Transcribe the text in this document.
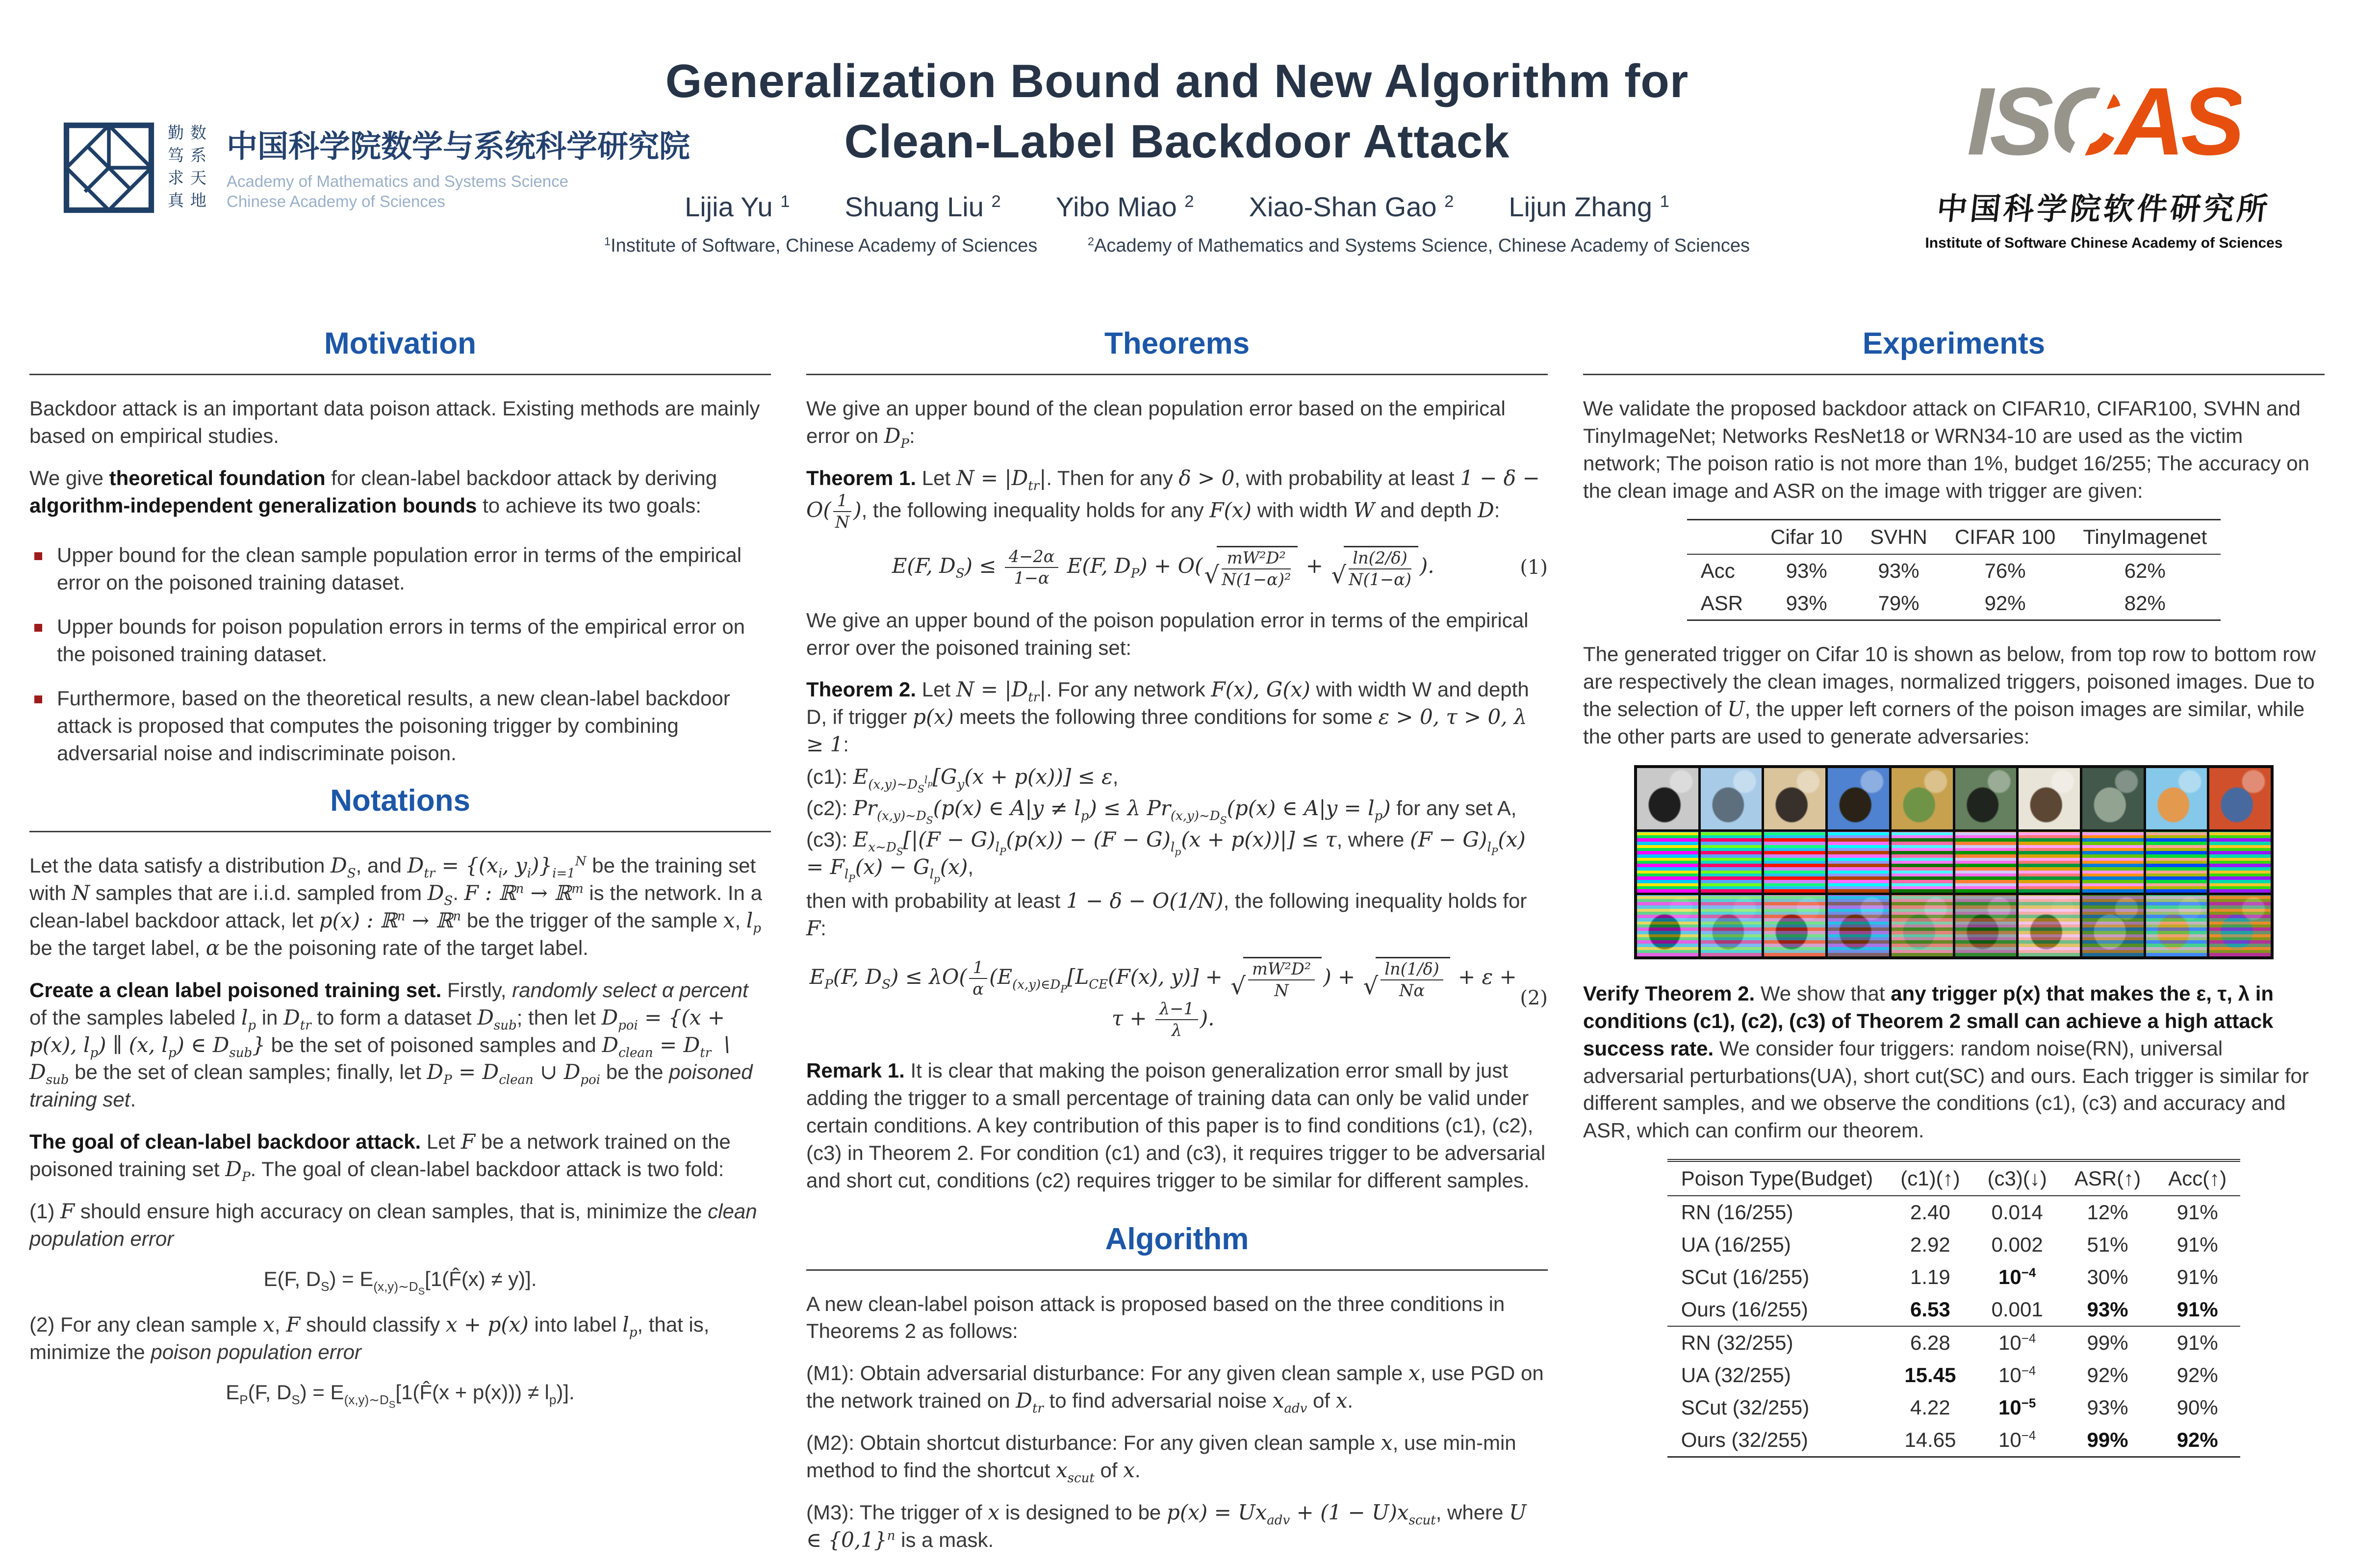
勤笃求真
数系天地
中国科学院数学与系统科学研究院
Academy of Mathematics and Systems Science
Chinese Academy of Sciences
Generalization Bound and New Algorithm for
Clean-Label Backdoor Attack
Lijia Yu $^1$  Shuang Liu $^2$  Yibo Miao $^2$  Xiao-Shan Gao $^2$  Lijun Zhang $^1$
$^1$Institute of Software, Chinese Academy of Sciences	$^2$Academy of Mathematics and Systems Science, Chinese Academy of Sciences
ISCAS
中国科学院软件研究所
Institute of Software Chinese Academy of Sciences
Motivation

Backdoor attack is an important data poison attack. Existing methods are mainly based on empirical studies.

We give theoretical foundation for clean-label backdoor attack by deriving algorithm-independent generalization bounds to achieve its two goals:

Upper bound for the clean sample population error in terms of the empirical error on the poisoned training dataset.
Upper bounds for poison population errors in terms of the empirical error on the poisoned training dataset.
Furthermore, based on the theoretical results, a new clean-label backdoor attack is proposed that computes the poisoning trigger by combining adversarial noise and indiscriminate poison.
Notations

Let the data satisfy a distribution $D_S$, and $D_{tr} = \{(x_i$, $y_i)\}_{i=1}^N$ be the training set with N samples that are i.i.d. sampled from $D_S$. F : ℝ$^n$ → ℝ$^m$ is the network. In a clean-label backdoor attack, let p(x) : ℝ$^n$ → ℝ$^n$ be the trigger of the sample x, $l_p$ be the target label, α be the poisoning rate of the target label.

Create a clean label poisoned training set. Firstly, randomly select α percent of the samples labeled $l_p$ in $D_{tr}$ to form a dataset $D_{sub}$; then let $D_{poi} = \{(x + p(x)$, $l_p$) ∥ (x, $l_p$) ∈ $D_{sub}$} be the set of poisoned samples and $D_{clean} = D_{tr}$ ∖ $D_{sub}$ be the set of clean samples; finally, let $D_P = D_{clean}$ ∪ $D_{poi}$ be the poisoned training set.

The goal of clean-label backdoor attack. Let F be a network trained on the poisoned training set $D_P$. The goal of clean-label backdoor attack is two fold:

(1) F should ensure high accuracy on clean samples, that is, minimize the clean population error

E(F, $D_S$) = $E_{(x,y)\sim D_S}[1(F̂(x) \ne y)]$.

(2) For any clean sample x, F should classify x + p(x) into label $l_p$, that is, minimize the poison population error

$E_P(F$, $D_S$) = $E_{(x,y)\sim D_S}[1(F̂(x + p(x))) \ne l_p)$].
Theorems

We give an upper bound of the clean population error based on the empirical error on $D_P$:

Theorem 1. Let $N = |D_{tr}|$. Then for any δ > 0, with probability at least $1 - \delta - O( \frac{1}{N}$ ), the following inequality holds for any F(x) with width W and depth D:

E(F, $D_S) \le \frac{4-2\alpha}{1-\alpha} E(F$, $D_P) + O$( √ $\frac{\text{mW²D²}}{\text{N(1−α)²}}$ + √ $\frac{\ln(2/\delta)}{N(1-\alpha)}$ ).	(1)

We give an upper bound of the poison population error in terms of the empirical error over the poisoned training set:

Theorem 2. Let $N = |D_{tr}|$. For any network F(x), G(x) with width W and depth D, if trigger p(x) meets the following three conditions for some ε > 0, τ > 0, λ ≥ 1:

(c1): $E_{(x,y)\sim D_S^{l_p}}[G_y(x + p(x))] \le \varepsilon$,
(c2): $Pr_{(x,y)\sim D_S}(p(x)$ ∈ $A|y \ne l_p) \le \lambda$ $Pr_{(x,y)\sim D_S}(p(x)$ ∈ $A|y = l_p$) for any set A,
(c3): $E_{x\sim D_S}[|(F - G)_{l_P}(p(x)) - (F - G)_{l_p}(x + p(x))|] \le \tau$, where $(F - G)_{l_P}(x) = F_{l_P}(x) - G_{l_p}(x)$,

then with probability at least 1 − δ − O(1/N), the following inequality holds for F:

$E_P(F$, $D_S) \le \lambda O( \frac{1}{\alpha} (E_{(x,y)\in D_P}[L_{CE}(F(x)$, y)] + √ $\frac{\text{mW²D²}}{N}$ ) + √ $\frac{\ln(1/\delta)}{N\alpha} + \varepsilon + \tau + \frac{\lambda-1}{\lambda}$ ).
(2)

Remark 1. It is clear that making the poison generalization error small by just adding the trigger to a small percentage of training data can only be valid under certain conditions. A key contribution of this paper is to find conditions (c1), (c2), (c3) in Theorem 2. For condition (c1) and (c3), it requires trigger to be adversarial and short cut, conditions (c2) requires trigger to be similar for different samples.

Algorithm

A new clean-label poison attack is proposed based on the three conditions in Theorems 2 as follows:

(M1): Obtain adversarial disturbance: For any given clean sample x, use PGD on the network trained on $D_{tr}$ to find adversarial noise $x_{adv}$ of x.

(M2): Obtain shortcut disturbance: For any given clean sample x, use min-min method to find the shortcut $x_{scut}$ of x.

(M3): The trigger of x is designed to be $p(x) = Ux_{adv} + (1 - U)x_{scut}$, where U ∈ $\{0,1\}^n$ is a mask.

Experiments

We validate the proposed backdoor attack on CIFAR10, CIFAR100, SVHN and TinyImageNet; Networks ResNet18 or WRN34-10 are used as the victim network; The poison ratio is not more than 1%, budget 16/255; The accuracy on the clean image and ASR on the image with trigger are given:

	Cifar 10	SVHN	CIFAR 100	TinyImagenet
Acc	93%	93%	76%	62%
ASR	93%	79%	92%	82%

The generated trigger on Cifar 10 is shown as below, from top row to bottom row are respectively the clean images, normalized triggers, poisoned images. Due to the selection of U, the upper left corners of the poison images are similar, while the other parts are used to generate adversaries:

Verify Theorem 2. We show that any trigger p(x) that makes the ε, τ, λ in conditions (c1), (c2), (c3) of Theorem 2 small can achieve a high attack success rate. We consider four triggers: random noise(RN), universal adversarial perturbations(UA), short cut(SC) and ours. Each trigger is similar for different samples, and we observe the conditions (c1), (c3) and accuracy and ASR, which can confirm our theorem.

Poison Type(Budget)	(c1)(↑)	(c3)(↓)	ASR(↑)	Acc(↑)
RN (16/255)	2.40	0.014	12%	91%
UA (16/255)	2.92	0.002	51%	91%
SCut (16/255)	1.19	$10^{-4}$	30%	91%
Ours (16/255)	6.53	0.001	93%	91%
RN (32/255)	6.28	$10^{-4}$	99%	91%
UA (32/255)	15.45	$10^{-4}$	92%	92%
SCut (32/255)	4.22	$10^{-5}$	93%	90%
Ours (32/255)	14.65	$10^{-4}$	99%	92%
